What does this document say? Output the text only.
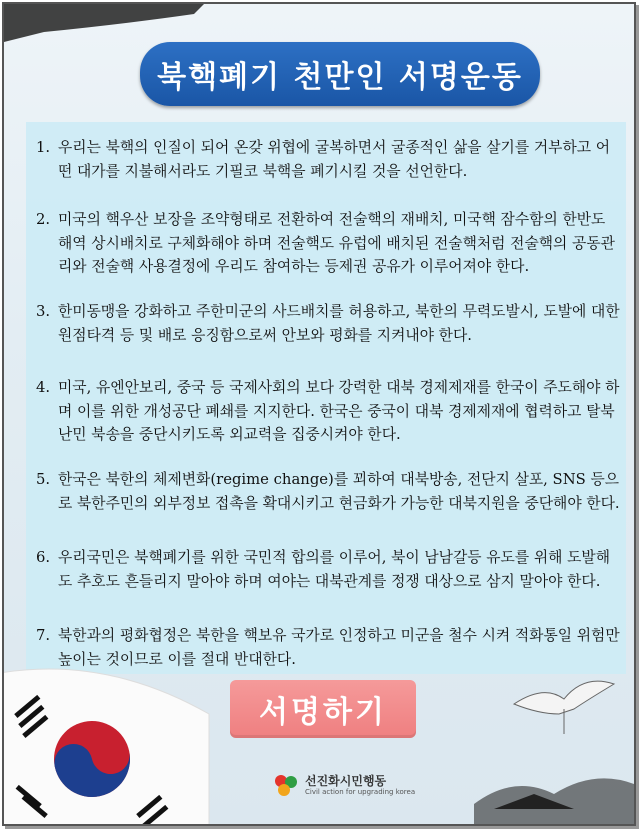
북핵폐기 천만인 서명운동
1. 우리는 북핵의 인질이 되어 온갖 위협에 굴복하면서 굴종적인 삶을 살기를 거부하고 어떤 대가를 지불해서라도 기필코 북핵을 폐기시킬 것을 선언한다.
2. 미국의 핵우산 보장을 조약형태로 전환하여 전술핵의 재배치, 미국핵 잠수함의 한반도 해역 상시배치로 구체화해야 하며 전술핵도 유럽에 배치된 전술핵처럼 전술핵의 공동관리와 전술핵 사용결정에 우리도 참여하는 등제권 공유가 이루어져야 한다.
3. 한미동맹을 강화하고 주한미군의 사드배치를 허용하고, 북한의 무력도발시, 도발에 대한 원점타격 등 및 배로 응징함으로써 안보와 평화를 지켜내야 한다.
4. 미국, 유엔안보리, 중국 등 국제사회의 보다 강력한 대북 경제제재를 한국이 주도해야 하며 이를 위한 개성공단 폐쇄를 지지한다. 한국은 중국이 대북 경제제재에 협력하고 탈북난민 북송을 중단시키도록 외교력을 집중시켜야 한다.
5. 한국은 북한의 체제변화(regime change)를 꾀하여 대북방송, 전단지 살포, SNS 등으로 북한주민의 외부정보 접촉을 확대시키고 현금화가 가능한 대북지원을 중단해야 한다.
6. 우리국민은 북핵폐기를 위한 국민적 합의를 이루어, 북이 남남갈등 유도를 위해 도발해도 추호도 흔들리지 말아야 하며 여야는 대북관계를 정쟁 대상으로 삼지 말아야 한다.
7. 북한과의 평화협정은 북한을 핵보유 국가로 인정하고 미군을 철수 시켜 적화통일 위험만 높이는 것이므로 이를 절대 반대한다.
서명하기
선진화시민행동
Civil action for upgrading korea
